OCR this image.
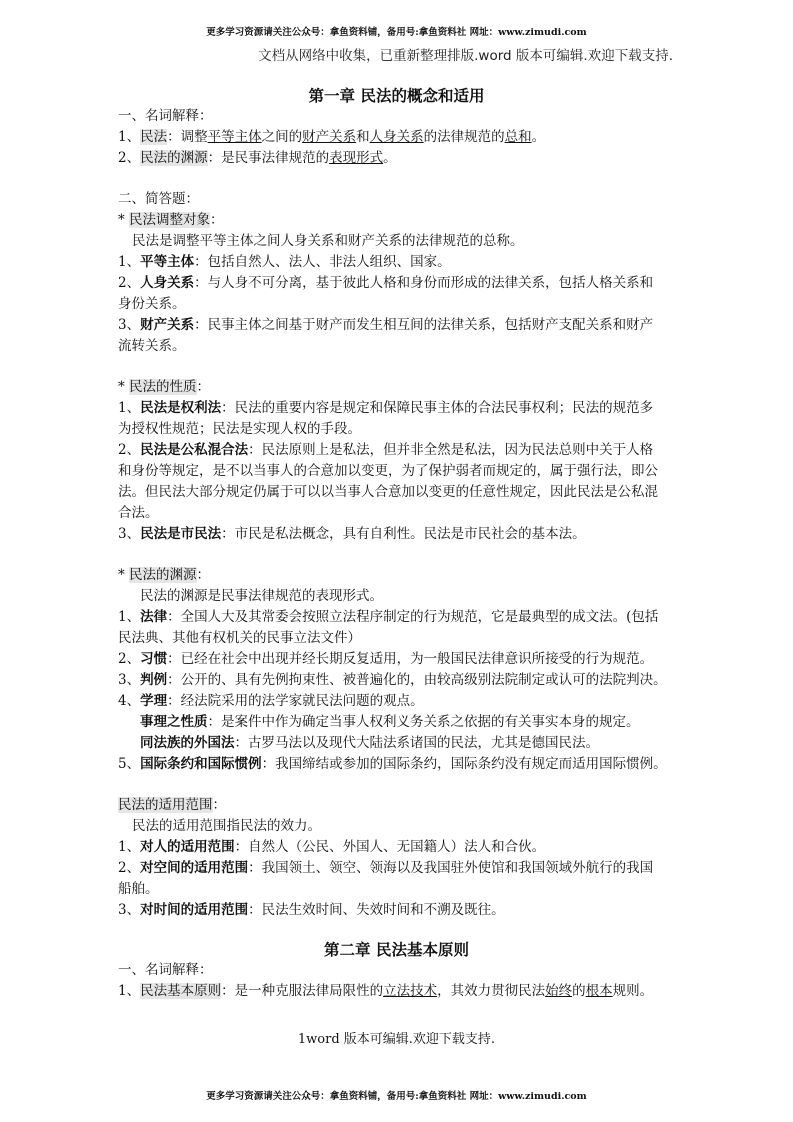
更多学习资源请关注公众号：拿鱼资料铺，备用号:拿鱼资料社 网址：www.zimudi.com
文档从网络中收集，已重新整理排版.word 版本可编辑.欢迎下载支持.
第一章 民法的概念和适用
一、名词解释：
1、民法：调整平等主体之间的财产关系和人身关系的法律规范的总和。
2、民法的渊源：是民事法律规范的表现形式。
二、简答题：
* 民法调整对象：
民法是调整平等主体之间人身关系和财产关系的法律规范的总称。
1、平等主体：包括自然人、法人、非法人组织、国家。
2、人身关系：与人身不可分离，基于彼此人格和身份而形成的法律关系，包括人格关系和
身份关系。
3、财产关系：民事主体之间基于财产而发生相互间的法律关系，包括财产支配关系和财产
流转关系。
* 民法的性质：
1、民法是权利法：民法的重要内容是规定和保障民事主体的合法民事权利；民法的规范多
为授权性规范；民法是实现人权的手段。
2、民法是公私混合法：民法原则上是私法，但并非全然是私法，因为民法总则中关于人格
和身份等规定，是不以当事人的合意加以变更，为了保护弱者而规定的，属于强行法，即公
法。但民法大部分规定仍属于可以以当事人合意加以变更的任意性规定，因此民法是公私混
合法。
3、民法是市民法：市民是私法概念，具有自利性。民法是市民社会的基本法。
* 民法的渊源：
民法的渊源是民事法律规范的表现形式。
1、法律：全国人大及其常委会按照立法程序制定的行为规范，它是最典型的成文法。(包括
民法典、其他有权机关的民事立法文件）
2、习惯：已经在社会中出现并经长期反复适用，为一般国民法律意识所接受的行为规范。
3、判例：公开的、具有先例拘束性、被普遍化的，由较高级别法院制定或认可的法院判决。
4、学理：经法院采用的法学家就民法问题的观点。
事理之性质：是案件中作为确定当事人权利义务关系之依据的有关事实本身的规定。
同法族的外国法：古罗马法以及现代大陆法系诸国的民法，尤其是德国民法。
5、国际条约和国际惯例：我国缔结或参加的国际条约，国际条约没有规定而适用国际惯例。
民法的适用范围：
民法的适用范围指民法的效力。
1、对人的适用范围：自然人（公民、外国人、无国籍人）法人和合伙。
2、对空间的适用范围：我国领土、领空、领海以及我国驻外使馆和我国领域外航行的我国
船舶。
3、对时间的适用范围：民法生效时间、失效时间和不溯及既往。
第二章 民法基本原则
一、名词解释：
1、民法基本原则：是一种克服法律局限性的立法技术，其效力贯彻民法始终的根本规则。
1word 版本可编辑.欢迎下载支持.
更多学习资源请关注公众号：拿鱼资料铺，备用号:拿鱼资料社 网址：www.zimudi.com
